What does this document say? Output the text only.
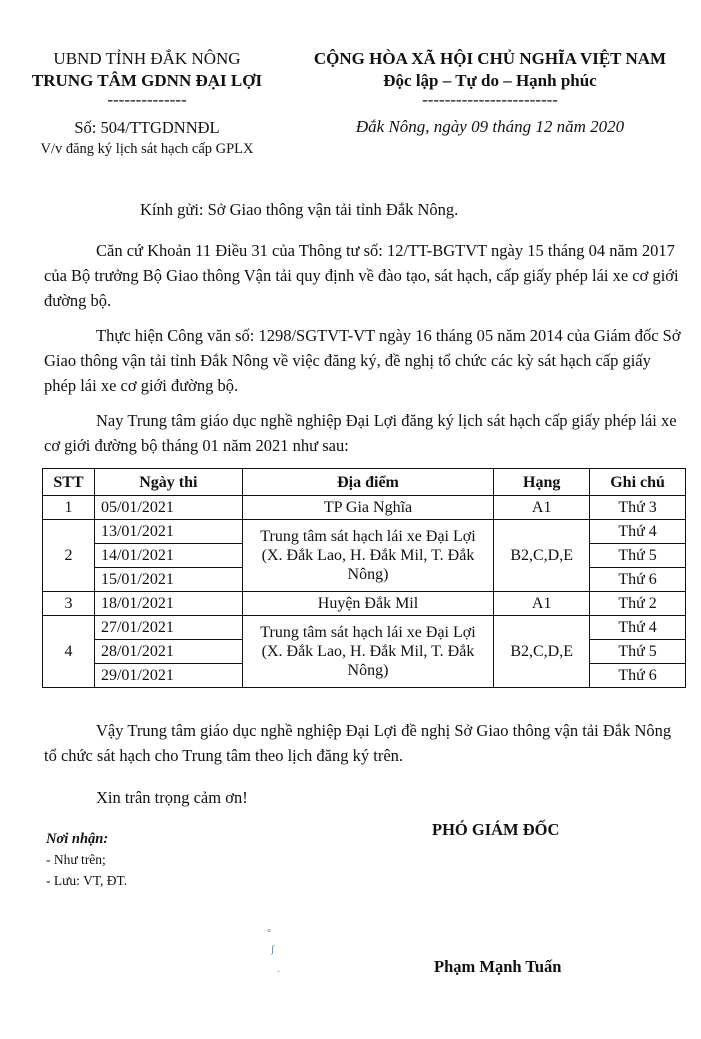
UBND TỈNH ĐẮK NÔNG
TRUNG TÂM GDNN ĐẠI LỢI
--------------
Số: 504/TTGDNNĐL
V/v đăng ký lịch sát hạch cấp GPLX
CỘNG HÒA XÃ HỘI CHỦ NGHĨA VIỆT NAM
Độc lập – Tự do – Hạnh phúc
------------------------
Đắk Nông, ngày 09 tháng 12 năm 2020
Kính gửi: Sở Giao thông vận tải tỉnh Đắk Nông.
Căn cứ Khoản 11 Điều 31 của Thông tư số: 12/TT-BGTVT ngày 15 tháng 04 năm 2017 của Bộ trưởng Bộ Giao thông Vận tải quy định về đào tạo, sát hạch, cấp giấy phép lái xe cơ giới đường bộ.
Thực hiện Công văn số: 1298/SGTVT-VT ngày 16 tháng 05 năm 2014 của Giám đốc Sở Giao thông vận tải tỉnh Đắk Nông về việc đăng ký, đề nghị tổ chức các kỳ sát hạch cấp giấy phép lái xe cơ giới đường bộ.
Nay Trung tâm giáo dục nghề nghiệp Đại Lợi đăng ký lịch sát hạch cấp giấy phép lái xe cơ giới đường bộ tháng 01 năm 2021 như sau:
STT	Ngày thi	Địa điểm	Hạng	Ghi chú
1	05/01/2021	TP Gia Nghĩa	A1	Thứ 3
2	13/01/2021	Trung tâm sát hạch lái xe Đại Lợi (X. Đắk Lao, H. Đắk Mil, T. Đắk Nông)	B2,C,D,E	Thứ 4
	14/01/2021			Thứ 5
	15/01/2021			Thứ 6
3	18/01/2021	Huyện Đắk Mil	A1	Thứ 2
4	27/01/2021	Trung tâm sát hạch lái xe Đại Lợi (X. Đắk Lao, H. Đắk Mil, T. Đắk Nông)	B2,C,D,E	Thứ 4
	28/01/2021			Thứ 5
	29/01/2021			Thứ 6
Vậy Trung tâm giáo dục nghề nghiệp Đại Lợi đề nghị Sở Giao thông vận tải Đắk Nông tổ chức sát hạch cho Trung tâm theo lịch đăng ký trên.
Xin trân trọng cảm ơn!
Nơi nhận:
- Như trên;
- Lưu: VT, ĐT.
PHÓ GIÁM ĐỐC
Phạm Mạnh Tuấn
°
ʃ
ˏ
